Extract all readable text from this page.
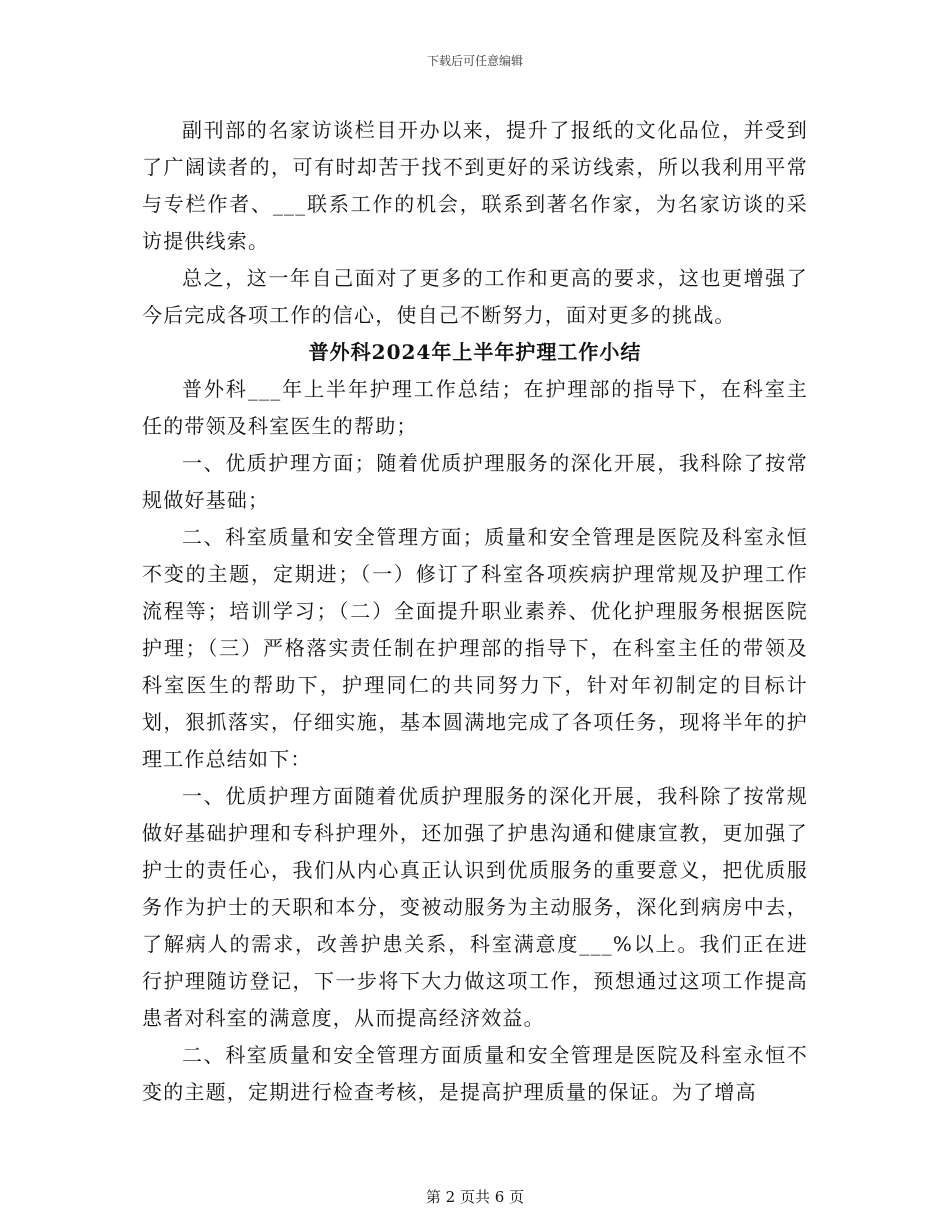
下载后可任意编辑

副刊部的名家访谈栏目开办以来，提升了报纸的文化品位，并受到了广阔读者的，可有时却苦于找不到更好的采访线索，所以我利用平常与专栏作者、___联系工作的机会，联系到著名作家，为名家访谈的采访提供线索。

总之，这一年自己面对了更多的工作和更高的要求，这也更增强了今后完成各项工作的信心，使自己不断努力，面对更多的挑战。

普外科2024年上半年护理工作小结

普外科___年上半年护理工作总结；在护理部的指导下，在科室主任的带领及科室医生的帮助；

一、优质护理方面；随着优质护理服务的深化开展，我科除了按常规做好基础；

二、科室质量和安全管理方面；质量和安全管理是医院及科室永恒不变的主题，定期进；（一）修订了科室各项疾病护理常规及护理工作流程等；培训学习；（二）全面提升职业素养、优化护理服务根据医院护理；（三）严格落实责任制在护理部的指导下，在科室主任的带领及科室医生的帮助下，护理同仁的共同努力下，针对年初制定的目标计划，狠抓落实，仔细实施，基本圆满地完成了各项任务，现将半年的护理工作总结如下：

一、优质护理方面随着优质护理服务的深化开展，我科除了按常规做好基础护理和专科护理外，还加强了护患沟通和健康宣教，更加强了护士的责任心，我们从内心真正认识到优质服务的重要意义，把优质服务作为护士的天职和本分，变被动服务为主动服务，深化到病房中去，了解病人的需求，改善护患关系，科室满意度___%以上。我们正在进行护理随访登记，下一步将下大力做这项工作，预想通过这项工作提高患者对科室的满意度，从而提高经济效益。

二、科室质量和安全管理方面质量和安全管理是医院及科室永恒不变的主题，定期进行检查考核，是提高护理质量的保证。为了增高

第 2 页共 6 页
